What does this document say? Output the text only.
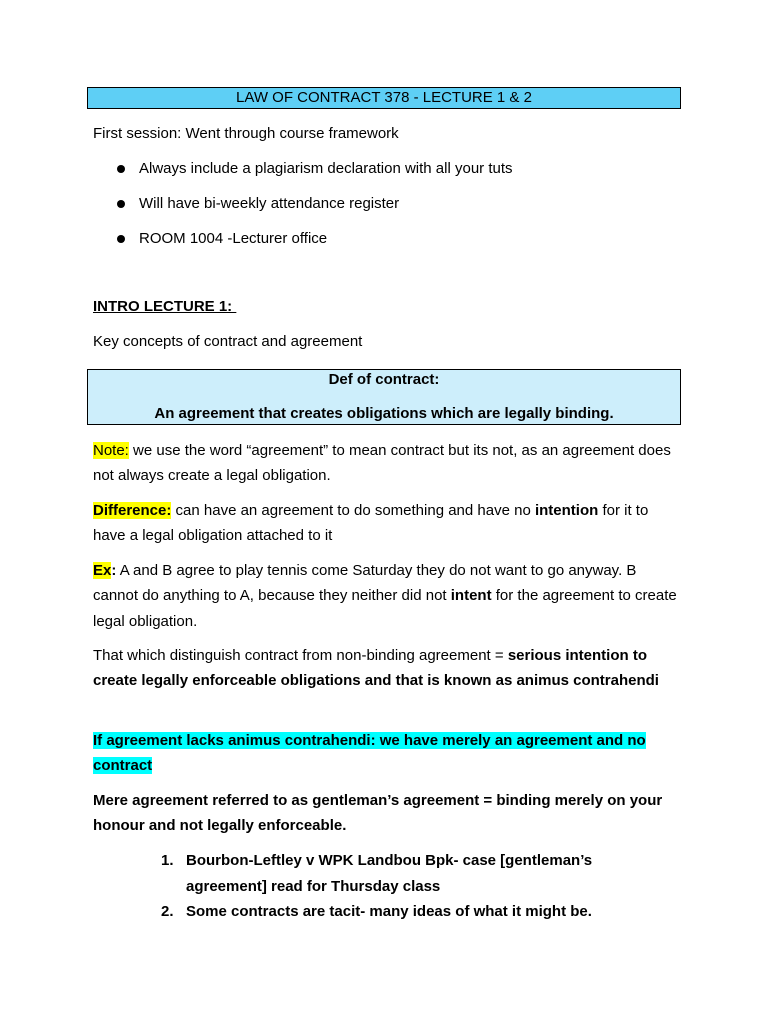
LAW OF CONTRACT 378 - LECTURE 1 & 2
First session: Went through course framework
Always include a plagiarism declaration with all your tuts
Will have bi-weekly attendance register
ROOM 1004 -Lecturer office
INTRO LECTURE 1:
Key concepts of contract and agreement
Def of contract:
An agreement that creates obligations which are legally binding.
Note: we use the word “agreement” to mean contract but its not, as an agreement does not always create a legal obligation.
Difference: can have an agreement to do something and have no intention for it to have a legal obligation attached to it
Ex: A and B agree to play tennis come Saturday they do not want to go anyway. B cannot do anything to A, because they neither did not intent for the agreement to create legal obligation.
That which distinguish contract from non-binding agreement = serious intention to create legally enforceable obligations and that is known as animus contrahendi
If agreement lacks animus contrahendi: we have merely an agreement and no contract
Mere agreement referred to as gentleman’s agreement = binding merely on your honour and not legally enforceable.
1. Bourbon-Leftley v WPK Landbou Bpk- case [gentleman’s agreement] read for Thursday class
2. Some contracts are tacit- many ideas of what it might be.
